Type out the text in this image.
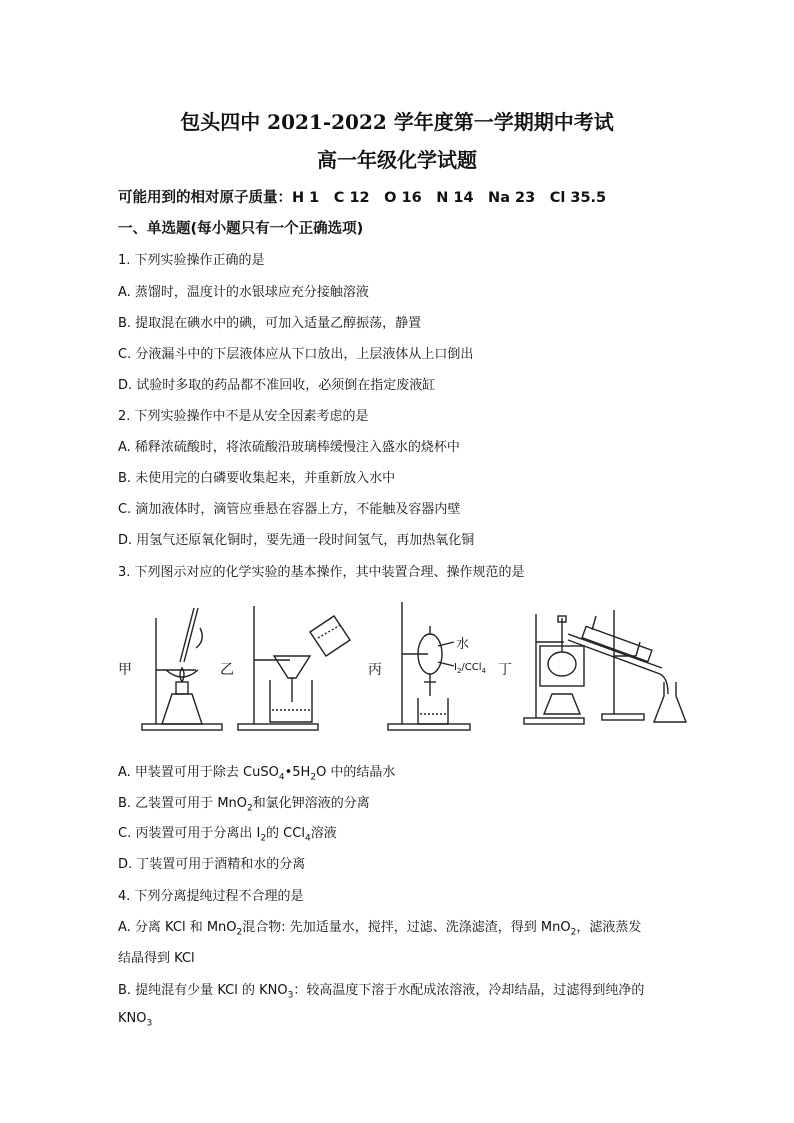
包头四中 2021-2022 学年度第一学期期中考试
高一年级化学试题
可能用到的相对原子质量：H 1　C 12　O 16　N 14　Na 23　Cl 35.5
一、单选题(每小题只有一个正确选项)
1. 下列实验操作正确的是
A. 蒸馏时，温度计的水银球应充分接触溶液
B. 提取混在碘水中的碘，可加入适量乙醇振荡，静置
C. 分液漏斗中的下层液体应从下口放出，上层液体从上口倒出
D. 试验时多取的药品都不准回收，必须倒在指定废液缸
2. 下列实验操作中不是从安全因素考虑的是
A. 稀释浓硫酸时，将浓硫酸沿玻璃棒缓慢注入盛水的烧杯中
B. 未使用完的白磷要收集起来，并重新放入水中
C. 滴加液体时，滴管应垂悬在容器上方，不能触及容器内壁
D. 用氢气还原氧化铜时，要先通一段时间氢气，再加热氧化铜
3. 下列图示对应的化学实验的基本操作，其中装置合理、操作规范的是
甲	乙	丙
水
$I_2/CCl_4$ 丁
A. 甲装置可用于除去 $CuSO_4•5H_2O$ 中的结晶水
B. 乙装置可用于 MnO$_2$和氯化钾溶液的分离
C. 丙装置可用于分离出 $I_2$的 CCl$_4$溶液
D. 丁装置可用于酒精和水的分离
4. 下列分离提纯过程不合理的是
A. 分离 KCl 和 MnO$_2$混合物: 先加适量水，搅拌，过滤、洗涤滤渣，得到 MnO$_2$，滤液蒸发
结晶得到 KCl
B. 提纯混有少量 KCl 的 $KNO_3$：较高温度下溶于水配成浓溶液，冷却结晶，过滤得到纯净的
$KNO_3$
